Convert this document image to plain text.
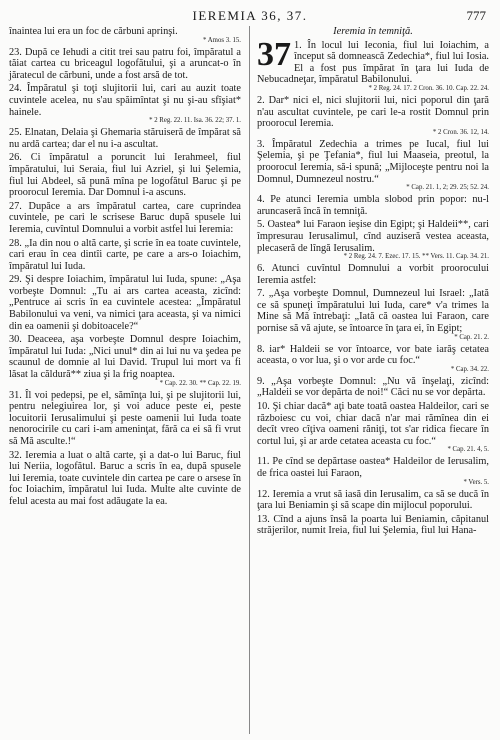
IEREMIA 36, 37.	777

înaintea lui era un foc de cărbuni aprinşi.
* Amos 3. 15.

23. După ce Iehudi a citit trei sau patru foi, împăratul a tăiat cartea cu briceagul logofătului, şi a aruncat-o în jăratecul de cărbuni, unde a fost arsă de tot.

24. Împăratul şi toţi slujitorii lui, cari au auzit toate cuvintele acelea, nu s'au spăimîntat şi nu şi-au sfîşiat* hainele.
* 2 Reg. 22. 11. Isa. 36. 22; 37. 1.

25. Elnatan, Delaia şi Ghemaria stăruiseră de împărat să nu ardă cartea; dar el nu i-a ascultat.

26. Ci împăratul a poruncit lui Ierahmeel, fiul împăratului, lui Seraia, fiul lui Azriel, şi lui Şelemia, fiul lui Abdeel, să pună mîna pe logofătul Baruc şi pe proorocul Ieremia. Dar Domnul i-a ascuns.

27. Dupăce a ars împăratul cartea, care cuprindea cuvintele, pe cari le scrisese Baruc după spusele lui Ieremia, cuvîntul Domnului a vorbit astfel lui Ieremia:

28. „Ia din nou o altă carte, şi scrie în ea toate cuvintele, cari erau în cea dintîi carte, pe care a ars-o Ioiachim, împăratul lui Iuda.

29. Şi despre Ioiachim, împăratul lui Iuda, spune: „Aşa vorbeşte Domnul: „Tu ai ars cartea aceasta, zicînd: „Pentruce ai scris în ea cuvintele acestea: „Împăratul Babilonului va veni, va nimici ţara aceasta, şi va nimici din ea oamenii şi dobitoacele?“

30. Deaceea, aşa vorbeşte Domnul despre Ioiachim, împăratul lui Iuda: „Nici unul* din ai lui nu va şedea pe scaunul de domnie al lui David. Trupul lui mort va fi lăsat la căldură** ziua şi la frig noaptea.
* Cap. 22. 30. ** Cap. 22. 19.

31. Îl voi pedepsi, pe el, sămînţa lui, şi pe slujitorii lui, pentru nelegiuirea lor, şi voi aduce peste ei, peste locuitorii Ierusalimului şi peste oamenii lui Iuda toate nenorocirile cu cari i-am ameninţat, fără ca ei să fi vrut să Mă asculte.!“

32. Ieremia a luat o altă carte, şi a dat-o lui Baruc, fiul lui Neriia, logofătul. Baruc a scris în ea, după spusele lui Ieremia, toate cuvintele din cartea pe care o arsese în foc Ioiachim, împăratul lui Iuda. Multe alte cuvinte de felul acesta au mai fost adăugate la ea.

Ieremia în temniţă.

37 1. În locul lui Ieconia, fiul lui Ioiachim, a început să domnească Zedechia*, fiul lui Iosia. El a fost pus împărat în ţara lui Iuda de Nebucadneţar, împăratul Babilonului.
* 2 Reg. 24. 17. 2 Cron. 36. 10. Cap. 22. 24.

2. Dar* nici el, nici slujitorii lui, nici poporul din ţară n'au ascultat cuvintele, pe cari le-a rostit Domnul prin proorocul Ieremia.
* 2 Cron. 36. 12, 14.

3. Împăratul Zedechia a trimes pe Iucal, fiul lui Şelemia, şi pe Ţefania*, fiul lui Maaseia, preotul, la proorocul Ieremia, să-i spună; „Mijloceşte pentru noi la Domnul, Dumnezeul nostru.“
* Cap. 21. 1, 2; 29. 25; 52. 24.

4. Pe atunci Ieremia umbla slobod prin popor: nu-l aruncaseră încă în temniţă.

5. Oastea* lui Faraon ieşise din Egipt; şi Haldeii**, cari împresurau Ierusalimul, cînd auziseră vestea aceasta, plecaseră de lîngă Ierusalim.
* 2 Reg. 24. 7. Ezec. 17. 15. ** Vers. 11. Cap. 34. 21.

6. Atunci cuvîntul Domnului a vorbit proorocului Ieremia astfel:

7. „Aşa vorbeşte Domnul, Dumnezeul lui Israel: „Iată ce să spuneţi împăratului lui Iuda, care* v'a trimes la Mine să Mă întrebaţi: „Iată că oastea lui Faraon, care pornise să vă ajute, se întoarce în ţara ei, în Egipt;
* Cap. 21. 2.

8. iar* Haldeii se vor întoarce, vor bate iarăş cetatea aceasta, o vor lua, şi o vor arde cu foc.“
* Cap. 34. 22.

9. „Aşa vorbeşte Domnul: „Nu vă înşelaţi, zicînd: „Haldeii se vor depărta de noi!“ Căci nu se vor depărta.

10. Şi chiar dacă* aţi bate toată oastea Haldeilor, cari se războiesc cu voi, chiar dacă n'ar mai rămînea din ei decît vreo cîţiva oameni răniţi, tot s'ar ridica fiecare în cortul lui, şi ar arde cetatea aceasta cu foc.“
* Cap. 21. 4, 5.

11. Pe cînd se depărtase oastea* Haldeilor de Ierusalim, de frica oastei lui Faraon,
* Vers. 5.

12. Ieremia a vrut să iasă din Ierusalim, ca să se ducă în ţara lui Beniamin şi să scape din mijlocul poporului.

13. Cînd a ajuns însă la poarta lui Beniamin, căpitanul străjerilor, numit Ireia, fiul lui Şelemia, fiul lui Hana-
